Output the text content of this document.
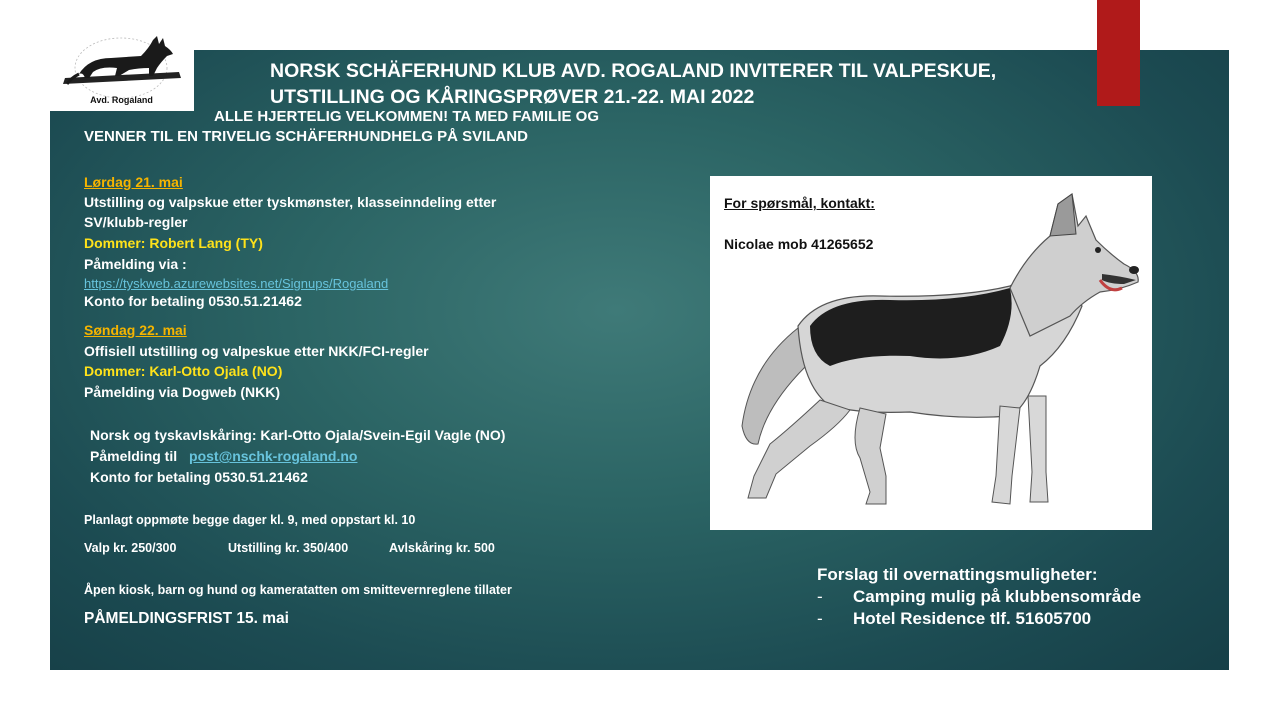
Avd. Rogaland
NORSK SCHÄFERHUND KLUB AVD. ROGALAND INVITERER TIL VALPESKUE,
UTSTILLING OG KÅRINGSPRØVER 21.-22. MAI 2022
ALLE HJERTELIG VELKOMMEN! TA MED FAMILIE OG
VENNER TIL EN TRIVELIG SCHÄFERHUNDHELG PÅ SVILAND
Lørdag 21. mai
Utstilling og valpskue etter tyskmønster, klasseinndeling etter
SV/klubb-regler
Dommer: Robert Lang (TY)
Påmelding via :
https://tyskweb.azurewebsites.net/Signups/Rogaland
Konto for betaling 0530.51.21462
Søndag 22. mai
Offisiell utstilling og valpeskue etter NKK/FCI-regler
Dommer: Karl-Otto Ojala (NO)
Påmelding via Dogweb (NKK)
Norsk og tyskavlskåring: Karl-Otto Ojala/Svein-Egil Vagle (NO)
Påmelding til post@nschk-rogaland.no
Konto for betaling 0530.51.21462
Planlagt oppmøte begge dager kl. 9, med oppstart kl. 10
Valp kr. 250/300	Utstilling kr. 350/400	Avlskåring kr. 500
Åpen kiosk, barn og hund og kameratatten om smittevernreglene tillater
PÅMELDINGSFRIST 15. mai
For spørsmål, kontakt:
Nicolae mob 41265652
Forslag til overnattingsmuligheter:
- Camping mulig på klubbensområde
- Hotel Residence tlf. 51605700
